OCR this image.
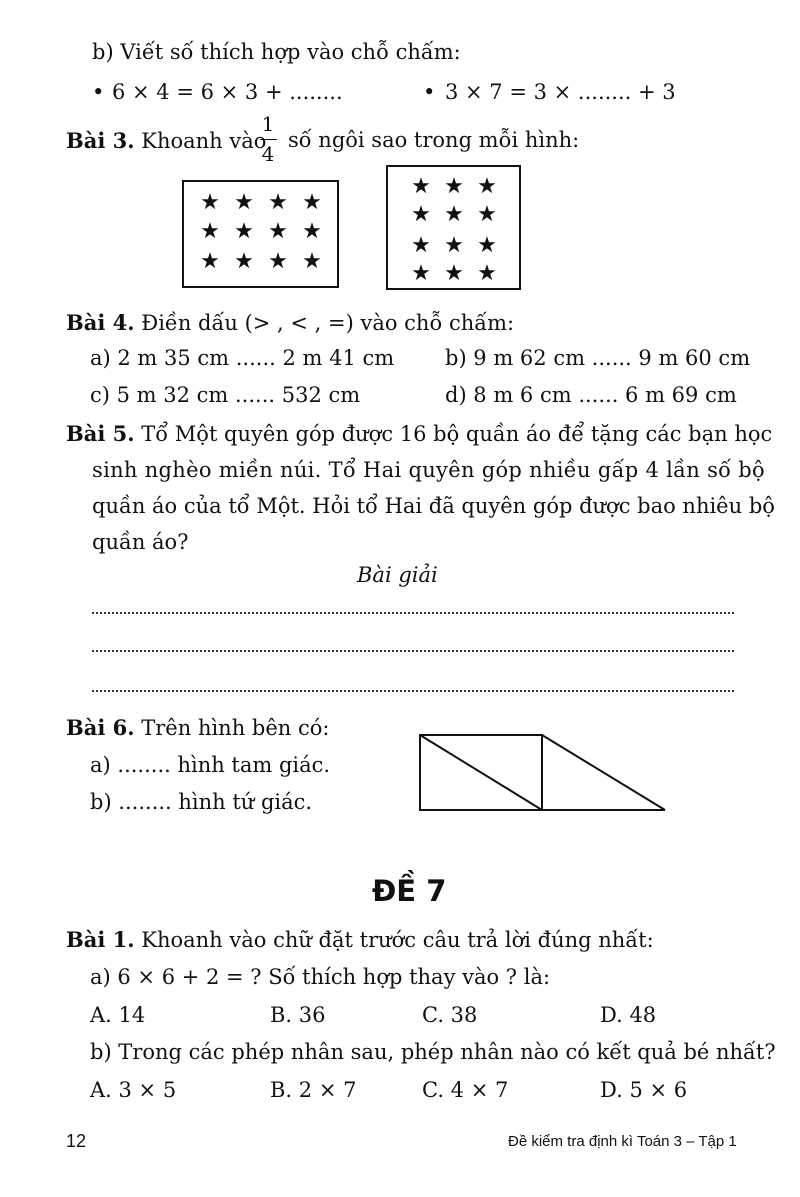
b) Viết số thích hợp vào chỗ chấm:
• 6 × 4 = 6 × 3 + ........	• 3 × 7 = 3 × ........ + 3
Bài 3. Khoanh vào
1
4
số ngôi sao trong mỗi hình:
★ ★ ★ ★
★ ★ ★ ★
★ ★ ★ ★
★ ★ ★
★ ★ ★
★ ★ ★
★ ★ ★
Bài 4. Điền dấu (> , < , =) vào chỗ chấm:
a) 2 m 35 cm ...... 2 m 41 cm b) 9 m 62 cm ...... 9 m 60 cm
c) 5 m 32 cm ...... 532 cm	d) 8 m 6 cm ...... 6 m 69 cm
Bài 5. Tổ Một quyên góp được 16 bộ quần áo để tặng các bạn học
sinh nghèo miền núi. Tổ Hai quyên góp nhiều gấp 4 lần số bộ
quần áo của tổ Một. Hỏi tổ Hai đã quyên góp được bao nhiêu bộ
quần áo?
Bài giải
Bài 6. Trên hình bên có:
a) ........ hình tam giác.
b) ........ hình tứ giác.
ĐỀ 7
Bài 1. Khoanh vào chữ đặt trước câu trả lời đúng nhất:
a) 6 × 6 + 2 = ? Số thích hợp thay vào ? là:
A. 14	B. 36	C. 38	D. 48
b) Trong các phép nhân sau, phép nhân nào có kết quả bé nhất?
A. 3 × 5	B. 2 × 7	C. 4 × 7	D. 5 × 6
12	Đề kiểm tra định kì Toán 3 – Tập 1
